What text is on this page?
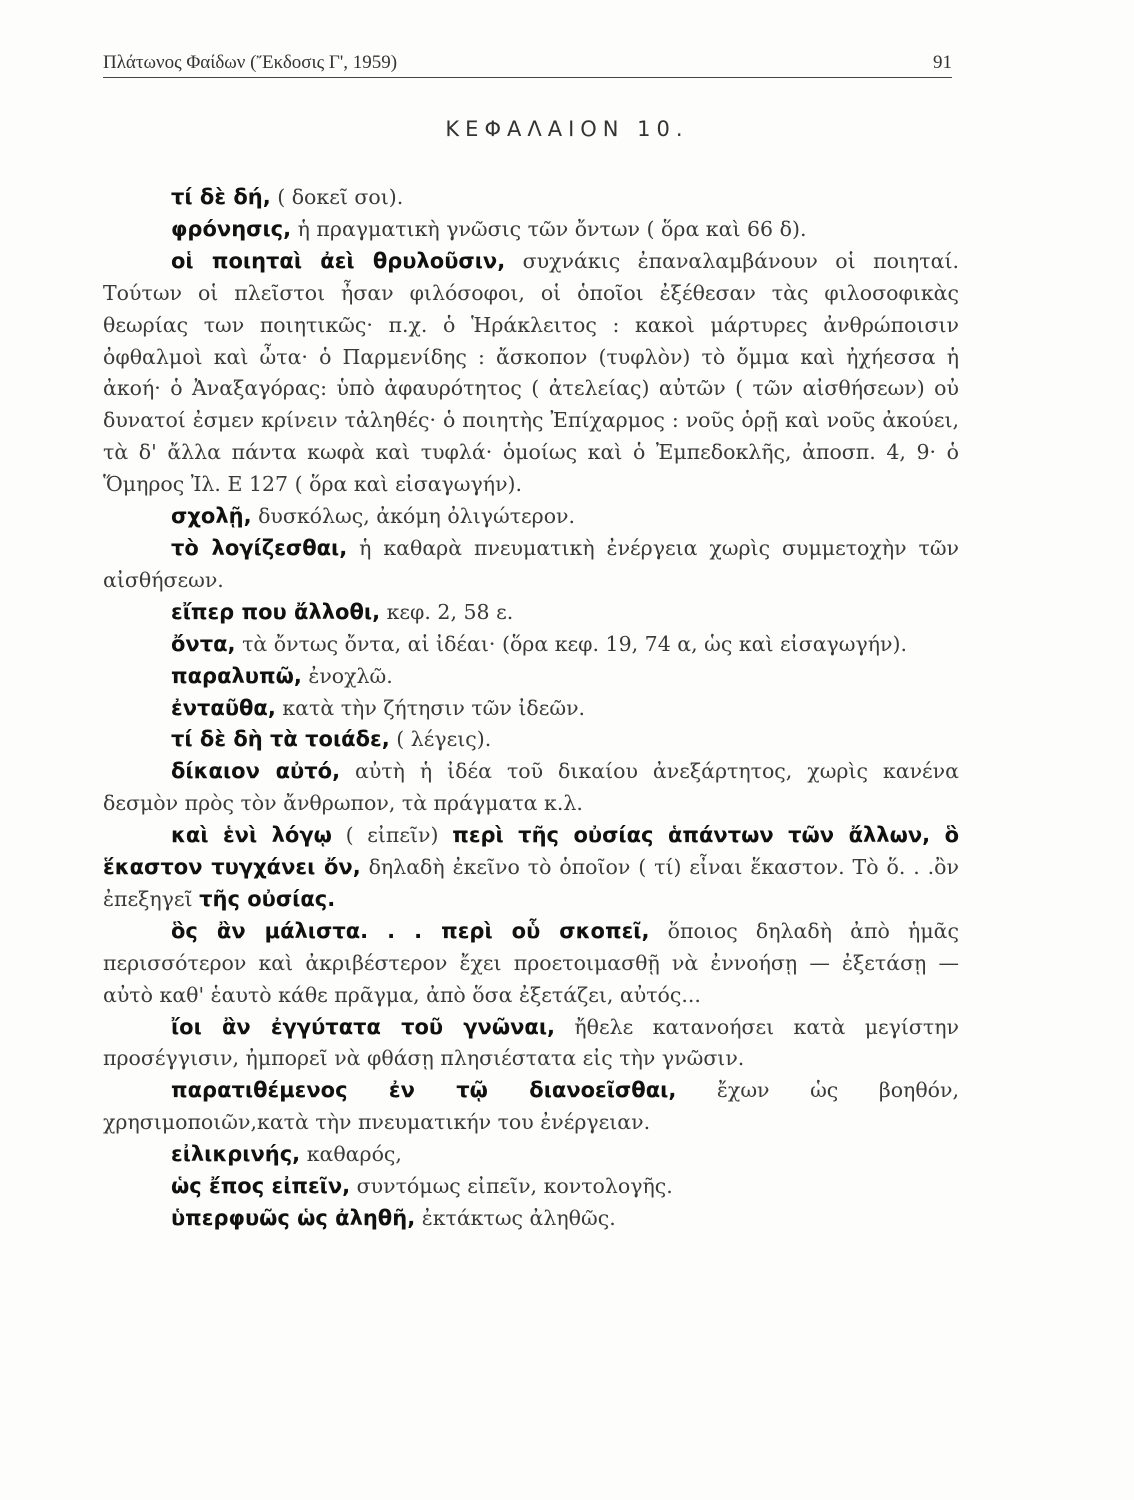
Πλάτωνος Φαίδων (Ἔκδοσις Γ', 1959)	91
ΚΕΦΑΛΑΙΟΝ 10.

τί δὲ δή, ( δοκεῖ σοι).

φρόνησις, ἡ πραγματικὴ γνῶσις τῶν ὄντων ( ὅρα καὶ 66 δ).

οἱ ποιηταὶ ἀεὶ θρυλοῦσιν, συχνάκις ἐπαναλαμβάνουν οἱ ποιηταί. Τούτων οἱ πλεῖστοι ἦσαν φιλόσοφοι, οἱ ὁποῖοι ἐξέθεσαν τὰς φιλοσοφικὰς θεωρίας των ποιητικῶς· π.χ. ὁ Ἡράκλειτος : κακοὶ μάρτυρες ἀνθρώποισιν ὀφθαλμοὶ καὶ ὦτα· ὁ Παρμενίδης : ἄσκοπον (τυφλὸν) τὸ ὄμμα καὶ ἠχήεσσα ἡ ἀκοή· ὁ Ἀναξαγόρας: ὑπὸ ἀφαυρότητος ( ἀτελείας) αὐτῶν ( τῶν αἰσθήσεων) οὐ δυνατοί ἐσμεν κρίνειν τἀληθές· ὁ ποιητὴς Ἐπίχαρμος : νοῦς ὁρῇ καὶ νοῦς ἀκούει, τὰ δ' ἄλλα πάντα κωφὰ καὶ τυφλά· ὁμοίως καὶ ὁ Ἐμπεδοκλῆς, ἀποσπ. 4, 9· ὁ Ὅμηρος Ἰλ. Ε 127 ( ὅρα καὶ εἰσαγωγήν).

σχολῇ, δυσκόλως, ἀκόμη ὀλιγώτερον.

τὸ λογίζεσθαι, ἡ καθαρὰ πνευματικὴ ἐνέργεια χωρὶς συμμετοχὴν τῶν αἰσθήσεων.

εἴπερ που ἄλλοθι, κεφ. 2, 58 ε.

ὄντα, τὰ ὄντως ὄντα, αἱ ἰδέαι· (ὅρα κεφ. 19, 74 α, ὡς καὶ εἰσαγωγήν).

παραλυπῶ, ἐνοχλῶ.

ἐνταῦθα, κατὰ τὴν ζήτησιν τῶν ἰδεῶν.

τί δὲ δὴ τὰ τοιάδε, ( λέγεις).

δίκαιον αὐτό, αὐτὴ ἡ ἰδέα τοῦ δικαίου ἀνεξάρτητος, χωρὶς κανένα δεσμὸν πρὸς τὸν ἄνθρωπον, τὰ πράγματα κ.λ.

καὶ ἑνὶ λόγῳ ( εἰπεῖν) περὶ τῆς οὐσίας ἁπάντων τῶν ἄλλων, ὃ ἕκαστον τυγχάνει ὄν, δηλαδὴ ἐκεῖνο τὸ ὁποῖον ( τί) εἶναι ἕκαστον. Τὸ ὅ. . .ὂν ἐπεξηγεῖ τῆς οὐσίας.

ὃς ἂν μάλιστα. . . περὶ οὗ σκοπεῖ, ὅποιος δηλαδὴ ἀπὸ ἡμᾶς περισσότερον καὶ ἀκριβέστερον ἔχει προετοιμασθῇ νὰ ἐννοήσῃ — ἐξετάσῃ — αὐτὸ καθ' ἑαυτὸ κάθε πρᾶγμα, ἀπὸ ὅσα ἐξετάζει, αὐτός...

ἴοι ἂν ἐγγύτατα τοῦ γνῶναι, ἤθελε κατανοήσει κατὰ μεγίστην προσέγγισιν, ἠμπορεῖ νὰ φθάσῃ πλησιέστατα εἰς τὴν γνῶσιν.

παρατιθέμενος ἐν τῷ διανοεῖσθαι, ἔχων ὡς βοηθόν, χρησιμοποιῶν,κατὰ τὴν πνευματικήν του ἐνέργειαν.

εἰλικρινής, καθαρός,

ὡς ἔπος εἰπεῖν, συντόμως εἰπεῖν, κοντολογῆς.

ὑπερφυῶς ὡς ἀληθῆ, ἐκτάκτως ἀληθῶς.
